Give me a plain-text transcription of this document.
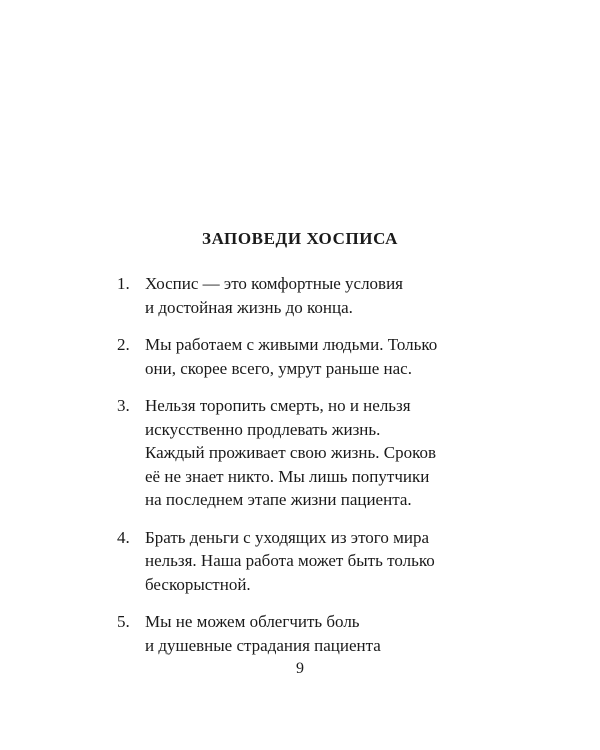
ЗАПОВЕДИ ХОСПИСА
1. Хоспис — это комфортные условия
и достойная жизнь до конца.
2. Мы работаем с живыми людьми. Только
они, скорее всего, умрут раньше нас.
3. Нельзя торопить смерть, но и нельзя
искусственно продлевать жизнь.
Каждый проживает свою жизнь. Сроков
её не знает никто. Мы лишь попутчики
на последнем этапе жизни пациента.
4. Брать деньги с уходящих из этого мира
нельзя. Наша работа может быть только
бескорыстной.
5. Мы не можем облегчить боль
и душевные страдания пациента
9
